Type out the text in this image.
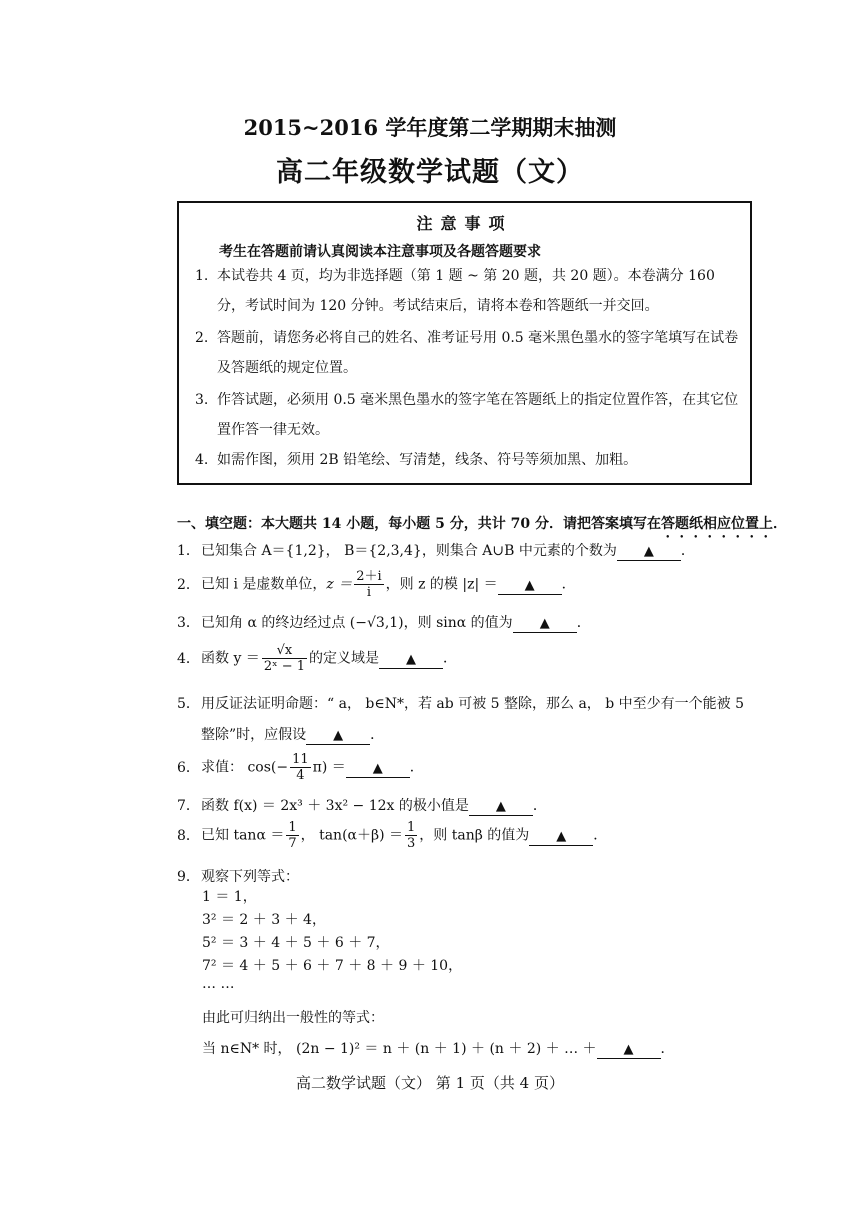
2015~2016 学年度第二学期期末抽测
高二年级数学试题（文）
注意事项
考生在答题前请认真阅读本注意事项及各题答题要求
1. 本试卷共 4 页，均为非选择题（第 1 题 ~ 第 20 题，共 20 题）。本卷满分 160 分，考试时间为 120 分钟。考试结束后，请将本卷和答题纸一并交回。
2. 答题前，请您务必将自己的姓名、准考证号用 0.5 毫米黑色墨水的签字笔填写在试卷及答题纸的规定位置。
3. 作答试题，必须用 0.5 毫米黑色墨水的签字笔在答题纸上的指定位置作答，在其它位置作答一律无效。
4. 如需作图，须用 2B 铅笔绘、写清楚，线条、符号等须加黑、加粗。
一、填空题：本大题共 14 小题，每小题 5 分，共计 70 分．请把答案填写在答题纸相应位置上．
1．已知集合 A＝{1,2}， B＝{2,3,4}，则集合 A∪B 中元素的个数为 ▲ ．
2．已知 i 是虚数单位，$z = \frac{2+i}{i}$ ，则 z 的模 |z| ＝ ▲ ．
3．已知角 α 的终边经过点 (−√3,1)，则 sinα 的值为 ▲ ．
4．函数 $y = \frac{√x}{\text{2ˣ − 1}}$ 的定义域是 ▲ ．
5．用反证法证明命题：“ a， b∈N*，若 ab 可被 5 整除，那么 a， b 中至少有一个能被 5
整除”时，应假设 ▲ ．
6．求值： $\cos(- \frac{11}{4} \pi)$ ＝ ▲ ．
7．函数 f(x) ＝ 2x³ ＋ 3x² − 12x 的极小值是 ▲ ．
8．已知 $\tan\alpha = \frac{1}{7}$ ， $\tan(\alpha+\beta) = \frac{1}{3}$ ，则 tanβ 的值为 ▲ ．
9．观察下列等式：
1 ＝ 1，
3² ＝ 2 ＋ 3 ＋ 4，
5² ＝ 3 ＋ 4 ＋ 5 ＋ 6 ＋ 7，
7² ＝ 4 ＋ 5 ＋ 6 ＋ 7 ＋ 8 ＋ 9 ＋ 10，
… …
由此可归纳出一般性的等式：
当 n∈N* 时， (2n − 1)² ＝ n ＋ (n ＋ 1) ＋ (n ＋ 2) ＋ … ＋ ▲ ．
高二数学试题（文） 第 1 页（共 4 页）
